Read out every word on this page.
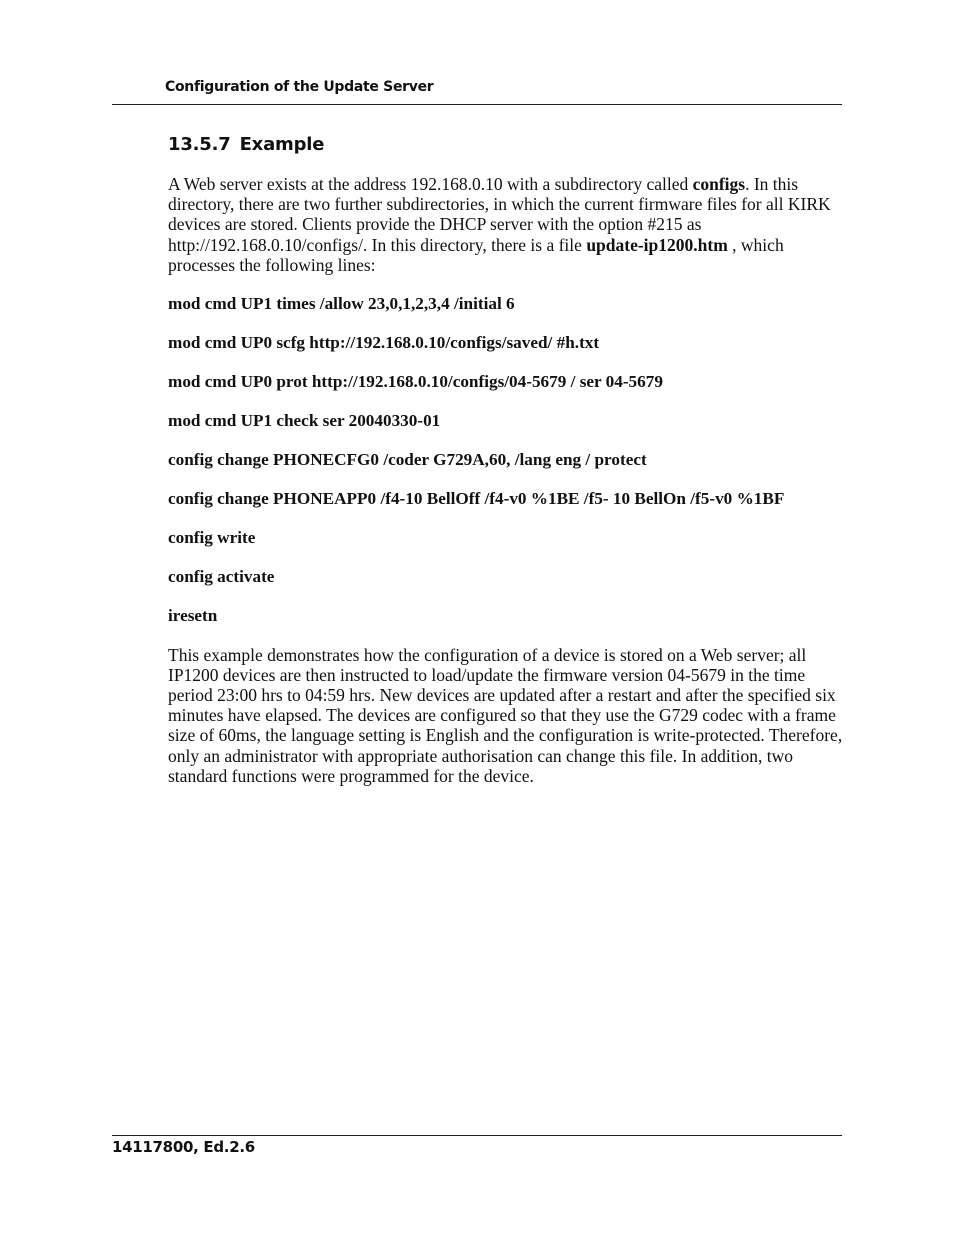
Configuration of the Update Server
13.5.7 Example

A Web server exists at the address 192.168.0.10 with a subdirectory called configs. In this directory, there are two further subdirectories, in which the current firmware files for all KIRK devices are stored. Clients provide the DHCP server with the option #215 as http://192.168.0.10/configs/. In this directory, there is a file update-ip1200.htm , which processes the following lines:

mod cmd UP1 times /allow 23,0,1,2,3,4 /initial 6

mod cmd UP0 scfg http://192.168.0.10/configs/saved/ #h.txt

mod cmd UP0 prot http://192.168.0.10/configs/04-5679 / ser 04-5679

mod cmd UP1 check ser 20040330-01

config change PHONECFG0 /coder G729A,60, /lang eng / protect

config change PHONEAPP0 /f4-10 BellOff /f4-v0 %1BE /f5- 10 BellOn /f5-v0 %1BF

config write

config activate

iresetn

This example demonstrates how the configuration of a device is stored on a Web server; all IP1200 devices are then instructed to load/update the firmware version 04-5679 in the time period 23:00 hrs to 04:59 hrs. New devices are updated after a restart and after the specified six minutes have elapsed. The devices are configured so that they use the G729 codec with a frame size of 60ms, the language setting is English and the configuration is write-protected. Therefore, only an administrator with appropriate authorisation can change this file. In addition, two standard functions were programmed for the device.

14117800, Ed.2.6
